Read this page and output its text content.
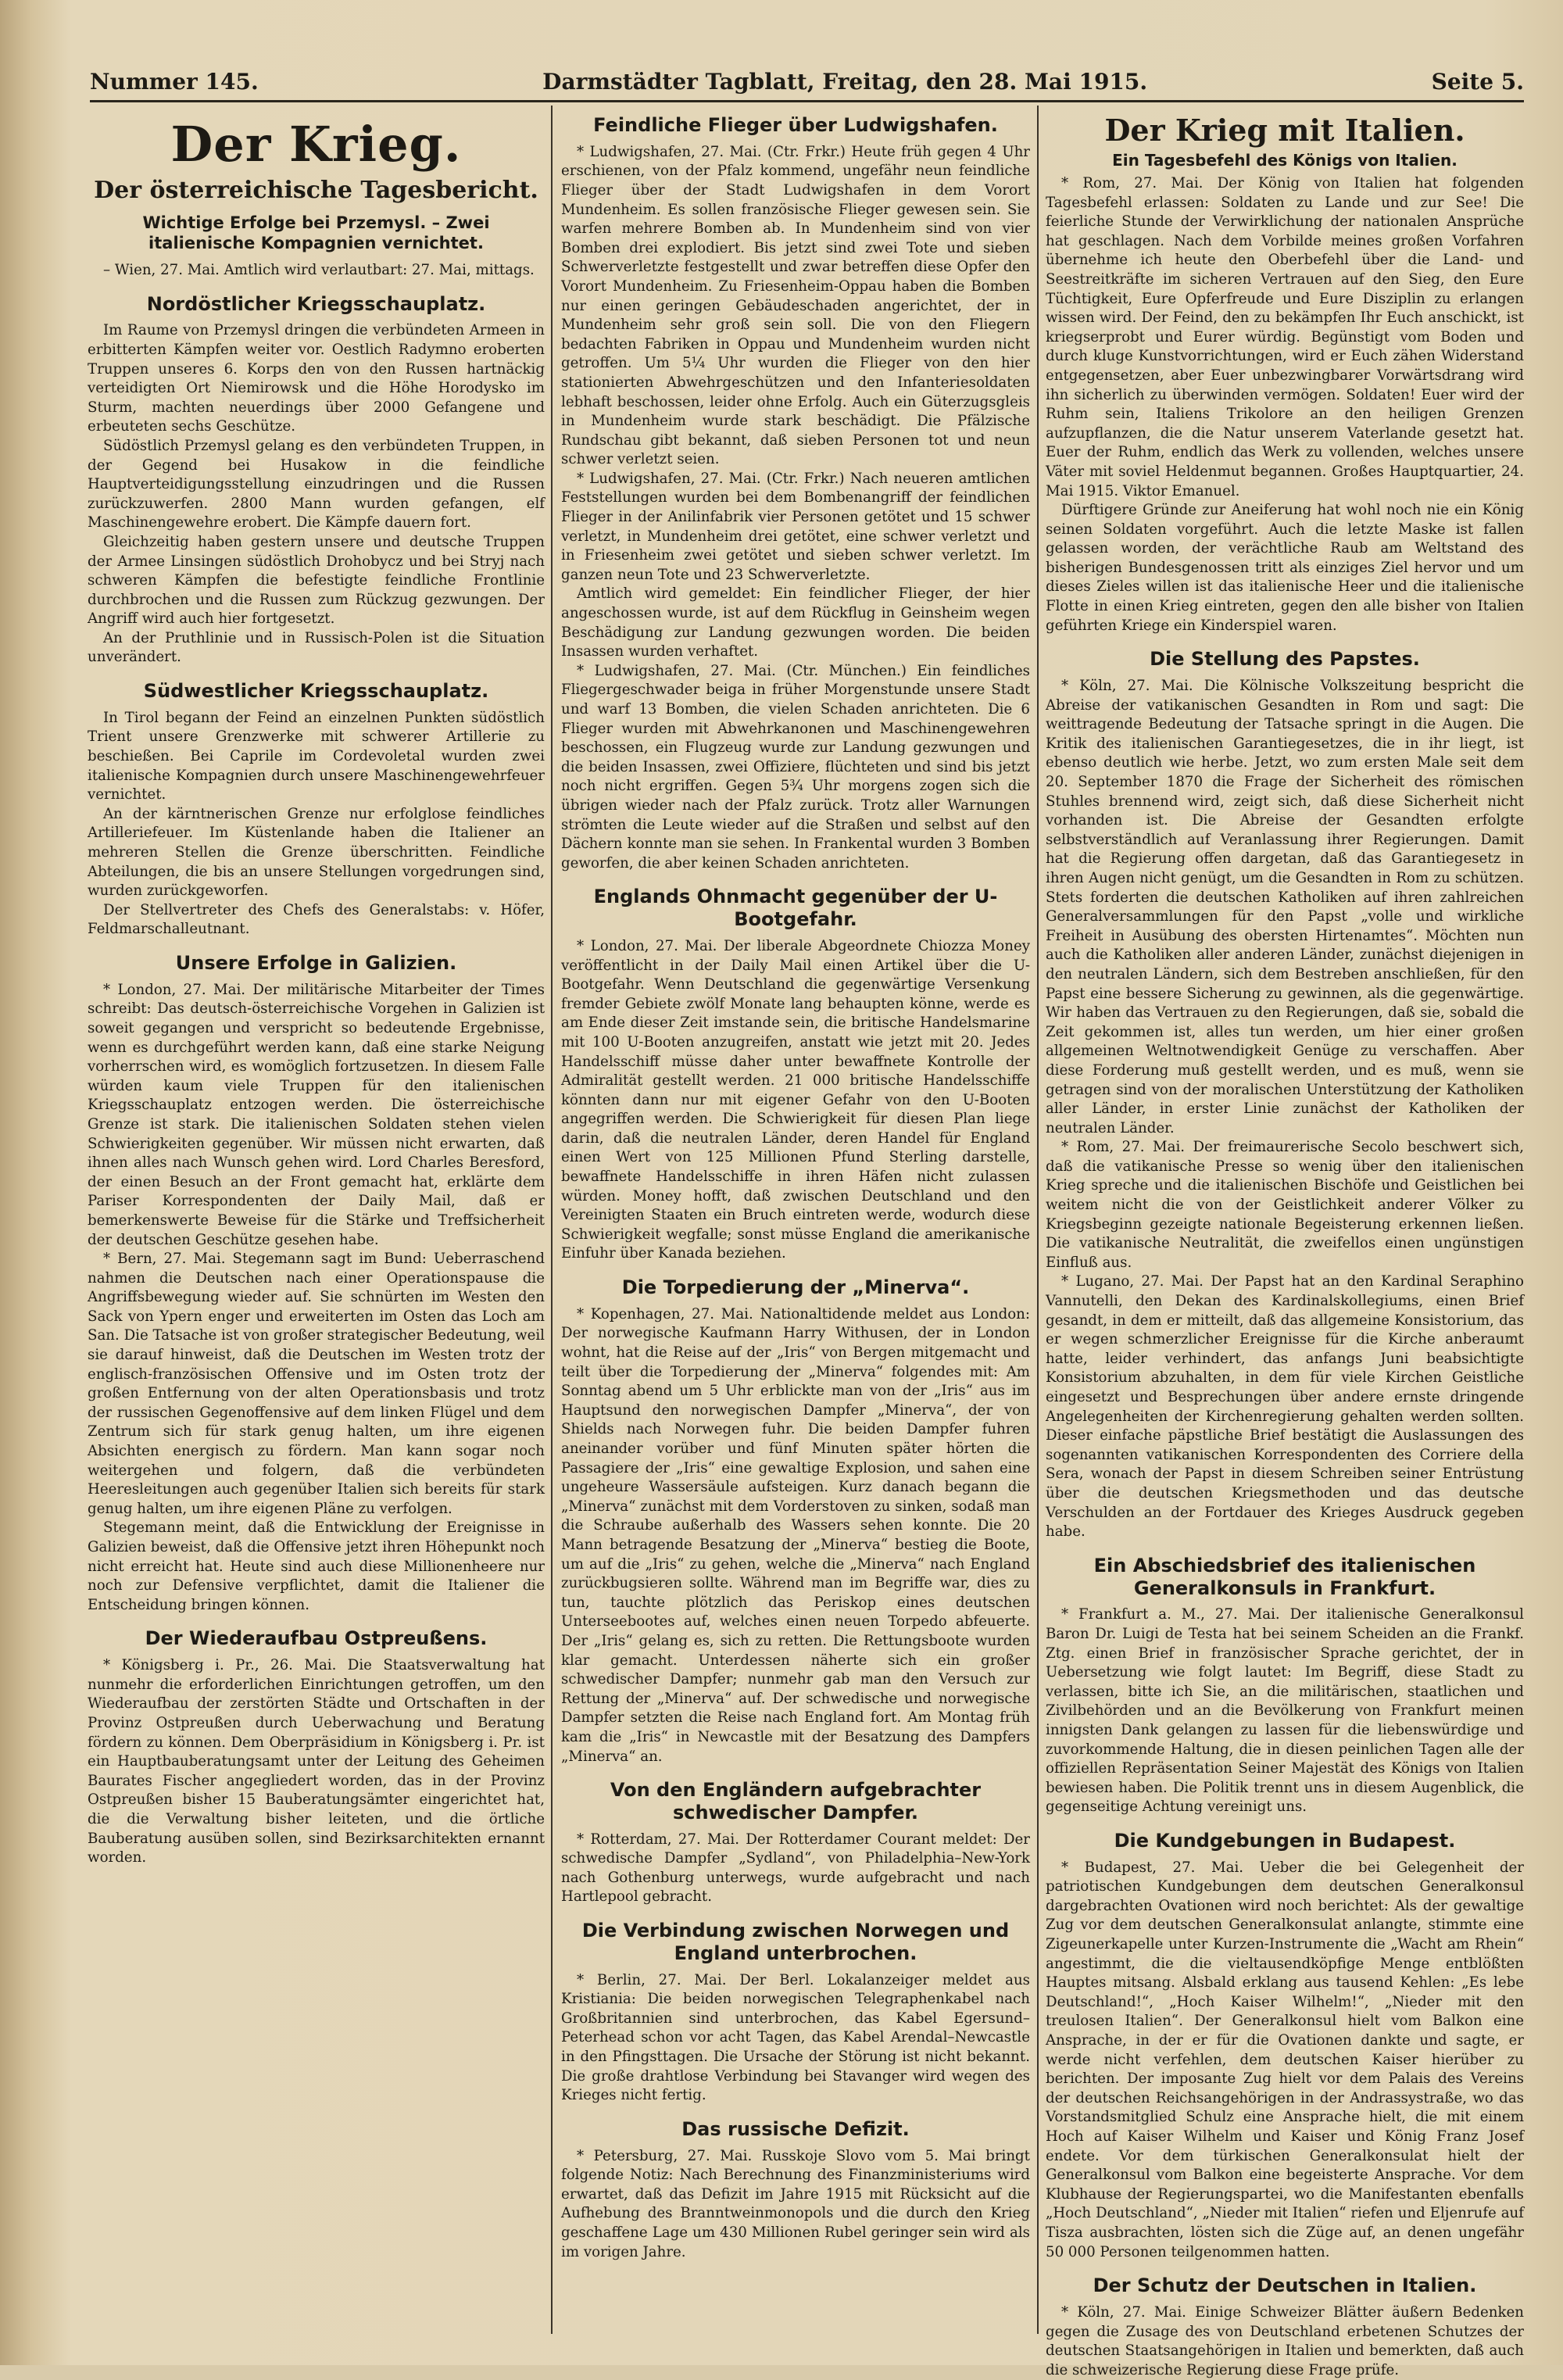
Nummer 145.	Darmstädter Tagblatt, Freitag, den 28. Mai 1915.	Seite 5.
Der Krieg.
Der österreichische Tagesbericht.
Wichtige Erfolge bei Przemysl. – Zwei italienische Kompagnien vernichtet.

– Wien, 27. Mai. Amtlich wird verlautbart: 27. Mai, mittags.

Nordöstlicher Kriegsschauplatz.

Im Raume von Przemysl dringen die verbündeten Armeen in erbitterten Kämpfen weiter vor. Oestlich Radymno eroberten Truppen unseres 6. Korps den von den Russen hartnäckig verteidigten Ort Niemirowsk und die Höhe Horodysko im Sturm, machten neuerdings über 2000 Gefangene und erbeuteten sechs Geschütze.

Südöstlich Przemysl gelang es den verbündeten Truppen, in der Gegend bei Husakow in die feindliche Hauptverteidigungsstellung einzudringen und die Russen zurückzuwerfen. 2800 Mann wurden gefangen, elf Maschinengewehre erobert. Die Kämpfe dauern fort.

Gleichzeitig haben gestern unsere und deutsche Truppen der Armee Linsingen südöstlich Drohobycz und bei Stryj nach schweren Kämpfen die befestigte feindliche Frontlinie durchbrochen und die Russen zum Rückzug gezwungen. Der Angriff wird auch hier fortgesetzt.

An der Pruthlinie und in Russisch-Polen ist die Situation unverändert.

Südwestlicher Kriegsschauplatz.

In Tirol begann der Feind an einzelnen Punkten südöstlich Trient unsere Grenzwerke mit schwerer Artillerie zu beschießen. Bei Caprile im Cordevoletal wurden zwei italienische Kompagnien durch unsere Maschinengewehrfeuer vernichtet.

An der kärntnerischen Grenze nur erfolglose feindliches Artilleriefeuer. Im Küstenlande haben die Italiener an mehreren Stellen die Grenze überschritten. Feindliche Abteilungen, die bis an unsere Stellungen vorgedrungen sind, wurden zurückgeworfen.

Der Stellvertreter des Chefs des Generalstabs: v. Höfer, Feldmarschalleutnant.

Unsere Erfolge in Galizien.

* London, 27. Mai. Der militärische Mitarbeiter der Times schreibt: Das deutsch-österreichische Vorgehen in Galizien ist soweit gegangen und verspricht so bedeutende Ergebnisse, wenn es durchgeführt werden kann, daß eine starke Neigung vorherrschen wird, es womöglich fortzusetzen. In diesem Falle würden kaum viele Truppen für den italienischen Kriegsschauplatz entzogen werden. Die österreichische Grenze ist stark. Die italienischen Soldaten stehen vielen Schwierigkeiten gegenüber. Wir müssen nicht erwarten, daß ihnen alles nach Wunsch gehen wird. Lord Charles Beresford, der einen Besuch an der Front gemacht hat, erklärte dem Pariser Korrespondenten der Daily Mail, daß er bemerkenswerte Beweise für die Stärke und Treffsicherheit der deutschen Geschütze gesehen habe.

* Bern, 27. Mai. Stegemann sagt im Bund: Ueberraschend nahmen die Deutschen nach einer Operationspause die Angriffsbewegung wieder auf. Sie schnürten im Westen den Sack von Ypern enger und erweiterten im Osten das Loch am San. Die Tatsache ist von großer strategischer Bedeutung, weil sie darauf hinweist, daß die Deutschen im Westen trotz der englisch-französischen Offensive und im Osten trotz der großen Entfernung von der alten Operationsbasis und trotz der russischen Gegenoffensive auf dem linken Flügel und dem Zentrum sich für stark genug halten, um ihre eigenen Absichten energisch zu fördern. Man kann sogar noch weitergehen und folgern, daß die verbündeten Heeresleitungen auch gegenüber Italien sich bereits für stark genug halten, um ihre eigenen Pläne zu verfolgen.

Stegemann meint, daß die Entwicklung der Ereignisse in Galizien beweist, daß die Offensive jetzt ihren Höhepunkt noch nicht erreicht hat. Heute sind auch diese Millionenheere nur noch zur Defensive verpflichtet, damit die Italiener die Entscheidung bringen können.

Der Wiederaufbau Ostpreußens.

* Königsberg i. Pr., 26. Mai. Die Staatsverwaltung hat nunmehr die erforderlichen Einrichtungen getroffen, um den Wiederaufbau der zerstörten Städte und Ortschaften in der Provinz Ostpreußen durch Ueberwachung und Beratung fördern zu können. Dem Oberpräsidium in Königsberg i. Pr. ist ein Hauptbauberatungsamt unter der Leitung des Geheimen Baurates Fischer angegliedert worden, das in der Provinz Ostpreußen bisher 15 Bauberatungsämter eingerichtet hat, die die Verwaltung bisher leiteten, und die örtliche Bauberatung ausüben sollen, sind Bezirksarchitekten ernannt worden.

Feindliche Flieger über Ludwigshafen.

* Ludwigshafen, 27. Mai. (Ctr. Frkr.) Heute früh gegen 4 Uhr erschienen, von der Pfalz kommend, ungefähr neun feindliche Flieger über der Stadt Ludwigshafen in dem Vorort Mundenheim. Es sollen französische Flieger gewesen sein. Sie warfen mehrere Bomben ab. In Mundenheim sind von vier Bomben drei explodiert. Bis jetzt sind zwei Tote und sieben Schwerverletzte festgestellt und zwar betreffen diese Opfer den Vorort Mundenheim. Zu Friesenheim-Oppau haben die Bomben nur einen geringen Gebäudeschaden angerichtet, der in Mundenheim sehr groß sein soll. Die von den Fliegern bedachten Fabriken in Oppau und Mundenheim wurden nicht getroffen. Um 5¼ Uhr wurden die Flieger von den hier stationierten Abwehrgeschützen und den Infanteriesoldaten lebhaft beschossen, leider ohne Erfolg. Auch ein Güterzugsgleis in Mundenheim wurde stark beschädigt. Die Pfälzische Rundschau gibt bekannt, daß sieben Personen tot und neun schwer verletzt seien.

* Ludwigshafen, 27. Mai. (Ctr. Frkr.) Nach neueren amtlichen Feststellungen wurden bei dem Bombenangriff der feindlichen Flieger in der Anilinfabrik vier Personen getötet und 15 schwer verletzt, in Mundenheim drei getötet, eine schwer verletzt und in Friesenheim zwei getötet und sieben schwer verletzt. Im ganzen neun Tote und 23 Schwerverletzte.

Amtlich wird gemeldet: Ein feindlicher Flieger, der hier angeschossen wurde, ist auf dem Rückflug in Geinsheim wegen Beschädigung zur Landung gezwungen worden. Die beiden Insassen wurden verhaftet.

* Ludwigshafen, 27. Mai. (Ctr. München.) Ein feindliches Fliegergeschwader beiga in früher Morgenstunde unsere Stadt und warf 13 Bomben, die vielen Schaden anrichteten. Die 6 Flieger wurden mit Abwehrkanonen und Maschinengewehren beschossen, ein Flugzeug wurde zur Landung gezwungen und die beiden Insassen, zwei Offiziere, flüchteten und sind bis jetzt noch nicht ergriffen. Gegen 5¾ Uhr morgens zogen sich die übrigen wieder nach der Pfalz zurück. Trotz aller Warnungen strömten die Leute wieder auf die Straßen und selbst auf den Dächern konnte man sie sehen. In Frankental wurden 3 Bomben geworfen, die aber keinen Schaden anrichteten.

Englands Ohnmacht gegenüber der U-Bootgefahr.

* London, 27. Mai. Der liberale Abgeordnete Chiozza Money veröffentlicht in der Daily Mail einen Artikel über die U-Bootgefahr. Wenn Deutschland die gegenwärtige Versenkung fremder Gebiete zwölf Monate lang behaupten könne, werde es am Ende dieser Zeit imstande sein, die britische Handelsmarine mit 100 U-Booten anzugreifen, anstatt wie jetzt mit 20. Jedes Handelsschiff müsse daher unter bewaffnete Kontrolle der Admiralität gestellt werden. 21 000 britische Handelsschiffe könnten dann nur mit eigener Gefahr von den U-Booten angegriffen werden. Die Schwierigkeit für diesen Plan liege darin, daß die neutralen Länder, deren Handel für England einen Wert von 125 Millionen Pfund Sterling darstelle, bewaffnete Handelsschiffe in ihren Häfen nicht zulassen würden. Money hofft, daß zwischen Deutschland und den Vereinigten Staaten ein Bruch eintreten werde, wodurch diese Schwierigkeit wegfalle; sonst müsse England die amerikanische Einfuhr über Kanada beziehen.

Die Torpedierung der „Minerva“.

* Kopenhagen, 27. Mai. Nationaltidende meldet aus London: Der norwegische Kaufmann Harry Withusen, der in London wohnt, hat die Reise auf der „Iris“ von Bergen mitgemacht und teilt über die Torpedierung der „Minerva“ folgendes mit: Am Sonntag abend um 5 Uhr erblickte man von der „Iris“ aus im Hauptsund den norwegischen Dampfer „Minerva“, der von Shields nach Norwegen fuhr. Die beiden Dampfer fuhren aneinander vorüber und fünf Minuten später hörten die Passagiere der „Iris“ eine gewaltige Explosion, und sahen eine ungeheure Wassersäule aufsteigen. Kurz danach begann die „Minerva“ zunächst mit dem Vorderstoven zu sinken, sodaß man die Schraube außerhalb des Wassers sehen konnte. Die 20 Mann betragende Besatzung der „Minerva“ bestieg die Boote, um auf die „Iris“ zu gehen, welche die „Minerva“ nach England zurückbugsieren sollte. Während man im Begriffe war, dies zu tun, tauchte plötzlich das Periskop eines deutschen Unterseebootes auf, welches einen neuen Torpedo abfeuerte. Der „Iris“ gelang es, sich zu retten. Die Rettungsboote wurden klar gemacht. Unterdessen näherte sich ein großer schwedischer Dampfer; nunmehr gab man den Versuch zur Rettung der „Minerva“ auf. Der schwedische und norwegische Dampfer setzten die Reise nach England fort. Am Montag früh kam die „Iris“ in Newcastle mit der Besatzung des Dampfers „Minerva“ an.

Von den Engländern aufgebrachter schwedischer Dampfer.

* Rotterdam, 27. Mai. Der Rotterdamer Courant meldet: Der schwedische Dampfer „Sydland“, von Philadelphia–New-York nach Gothenburg unterwegs, wurde aufgebracht und nach Hartlepool gebracht.

Die Verbindung zwischen Norwegen und England unterbrochen.

* Berlin, 27. Mai. Der Berl. Lokalanzeiger meldet aus Kristiania: Die beiden norwegischen Telegraphenkabel nach Großbritannien sind unterbrochen, das Kabel Egersund–Peterhead schon vor acht Tagen, das Kabel Arendal–Newcastle in den Pfingsttagen. Die Ursache der Störung ist nicht bekannt. Die große drahtlose Verbindung bei Stavanger wird wegen des Krieges nicht fertig.

Das russische Defizit.

* Petersburg, 27. Mai. Russkoje Slovo vom 5. Mai bringt folgende Notiz: Nach Berechnung des Finanzministeriums wird erwartet, daß das Defizit im Jahre 1915 mit Rücksicht auf die Aufhebung des Branntweinmonopols und die durch den Krieg geschaffene Lage um 430 Millionen Rubel geringer sein wird als im vorigen Jahre.

Der Krieg mit Italien.
Ein Tagesbefehl des Königs von Italien.

* Rom, 27. Mai. Der König von Italien hat folgenden Tagesbefehl erlassen: Soldaten zu Lande und zur See! Die feierliche Stunde der Verwirklichung der nationalen Ansprüche hat geschlagen. Nach dem Vorbilde meines großen Vorfahren übernehme ich heute den Oberbefehl über die Land- und Seestreitkräfte im sicheren Vertrauen auf den Sieg, den Eure Tüchtigkeit, Eure Opferfreude und Eure Disziplin zu erlangen wissen wird. Der Feind, den zu bekämpfen Ihr Euch anschickt, ist kriegserprobt und Eurer würdig. Begünstigt vom Boden und durch kluge Kunstvorrichtungen, wird er Euch zähen Widerstand entgegensetzen, aber Euer unbezwingbarer Vorwärtsdrang wird ihn sicherlich zu überwinden vermögen. Soldaten! Euer wird der Ruhm sein, Italiens Trikolore an den heiligen Grenzen aufzupflanzen, die die Natur unserem Vaterlande gesetzt hat. Euer der Ruhm, endlich das Werk zu vollenden, welches unsere Väter mit soviel Heldenmut begannen. Großes Hauptquartier, 24. Mai 1915. Viktor Emanuel.

Dürftigere Gründe zur Aneiferung hat wohl noch nie ein König seinen Soldaten vorgeführt. Auch die letzte Maske ist fallen gelassen worden, der verächtliche Raub am Weltstand des bisherigen Bundesgenossen tritt als einziges Ziel hervor und um dieses Zieles willen ist das italienische Heer und die italienische Flotte in einen Krieg eintreten, gegen den alle bisher von Italien geführten Kriege ein Kinderspiel waren.

Die Stellung des Papstes.

* Köln, 27. Mai. Die Kölnische Volkszeitung bespricht die Abreise der vatikanischen Gesandten in Rom und sagt: Die weittragende Bedeutung der Tatsache springt in die Augen. Die Kritik des italienischen Garantiegesetzes, die in ihr liegt, ist ebenso deutlich wie herbe. Jetzt, wo zum ersten Male seit dem 20. September 1870 die Frage der Sicherheit des römischen Stuhles brennend wird, zeigt sich, daß diese Sicherheit nicht vorhanden ist. Die Abreise der Gesandten erfolgte selbstverständlich auf Veranlassung ihrer Regierungen. Damit hat die Regierung offen dargetan, daß das Garantiegesetz in ihren Augen nicht genügt, um die Gesandten in Rom zu schützen. Stets forderten die deutschen Katholiken auf ihren zahlreichen Generalversammlungen für den Papst „volle und wirkliche Freiheit in Ausübung des obersten Hirtenamtes“. Möchten nun auch die Katholiken aller anderen Länder, zunächst diejenigen in den neutralen Ländern, sich dem Bestreben anschließen, für den Papst eine bessere Sicherung zu gewinnen, als die gegenwärtige. Wir haben das Vertrauen zu den Regierungen, daß sie, sobald die Zeit gekommen ist, alles tun werden, um hier einer großen allgemeinen Weltnotwendigkeit Genüge zu verschaffen. Aber diese Forderung muß gestellt werden, und es muß, wenn sie getragen sind von der moralischen Unterstützung der Katholiken aller Länder, in erster Linie zunächst der Katholiken der neutralen Länder.

* Rom, 27. Mai. Der freimaurerische Secolo beschwert sich, daß die vatikanische Presse so wenig über den italienischen Krieg spreche und die italienischen Bischöfe und Geistlichen bei weitem nicht die von der Geistlichkeit anderer Völker zu Kriegsbeginn gezeigte nationale Begeisterung erkennen ließen. Die vatikanische Neutralität, die zweifellos einen ungünstigen Einfluß aus.

* Lugano, 27. Mai. Der Papst hat an den Kardinal Seraphino Vannutelli, den Dekan des Kardinalskollegiums, einen Brief gesandt, in dem er mitteilt, daß das allgemeine Konsistorium, das er wegen schmerzlicher Ereignisse für die Kirche anberaumt hatte, leider verhindert, das anfangs Juni beabsichtigte Konsistorium abzuhalten, in dem für viele Kirchen Geistliche eingesetzt und Besprechungen über andere ernste dringende Angelegenheiten der Kirchenregierung gehalten werden sollten. Dieser einfache päpstliche Brief bestätigt die Auslassungen des sogenannten vatikanischen Korrespondenten des Corriere della Sera, wonach der Papst in diesem Schreiben seiner Entrüstung über die deutschen Kriegsmethoden und das deutsche Verschulden an der Fortdauer des Krieges Ausdruck gegeben habe.

Ein Abschiedsbrief des italienischen Generalkonsuls in Frankfurt.

* Frankfurt a. M., 27. Mai. Der italienische Generalkonsul Baron Dr. Luigi de Testa hat bei seinem Scheiden an die Frankf. Ztg. einen Brief in französischer Sprache gerichtet, der in Uebersetzung wie folgt lautet: Im Begriff, diese Stadt zu verlassen, bitte ich Sie, an die militärischen, staatlichen und Zivilbehörden und an die Bevölkerung von Frankfurt meinen innigsten Dank gelangen zu lassen für die liebenswürdige und zuvorkommende Haltung, die in diesen peinlichen Tagen alle der offiziellen Repräsentation Seiner Majestät des Königs von Italien bewiesen haben. Die Politik trennt uns in diesem Augenblick, die gegenseitige Achtung vereinigt uns.

Die Kundgebungen in Budapest.

* Budapest, 27. Mai. Ueber die bei Gelegenheit der patriotischen Kundgebungen dem deutschen Generalkonsul dargebrachten Ovationen wird noch berichtet: Als der gewaltige Zug vor dem deutschen Generalkonsulat anlangte, stimmte eine Zigeunerkapelle unter Kurzen-Instrumente die „Wacht am Rhein“ angestimmt, die die vieltausendköpfige Menge entblößten Hauptes mitsang. Alsbald erklang aus tausend Kehlen: „Es lebe Deutschland!“, „Hoch Kaiser Wilhelm!“, „Nieder mit den treulosen Italien“. Der Generalkonsul hielt vom Balkon eine Ansprache, in der er für die Ovationen dankte und sagte, er werde nicht verfehlen, dem deutschen Kaiser hierüber zu berichten. Der imposante Zug hielt vor dem Palais des Vereins der deutschen Reichsangehörigen in der Andrassystraße, wo das Vorstandsmitglied Schulz eine Ansprache hielt, die mit einem Hoch auf Kaiser Wilhelm und Kaiser und König Franz Josef endete. Vor dem türkischen Generalkonsulat hielt der Generalkonsul vom Balkon eine begeisterte Ansprache. Vor dem Klubhause der Regierungspartei, wo die Manifestanten ebenfalls „Hoch Deutschland“, „Nieder mit Italien“ riefen und Eljenrufe auf Tisza ausbrachten, lösten sich die Züge auf, an denen ungefähr 50 000 Personen teilgenommen hatten.

Der Schutz der Deutschen in Italien.

* Köln, 27. Mai. Einige Schweizer Blätter äußern Bedenken gegen die Zusage des von Deutschland erbetenen Schutzes der deutschen Staatsangehörigen in Italien und bemerkten, daß auch die schweizerische Regierung diese Frage prüfe.
